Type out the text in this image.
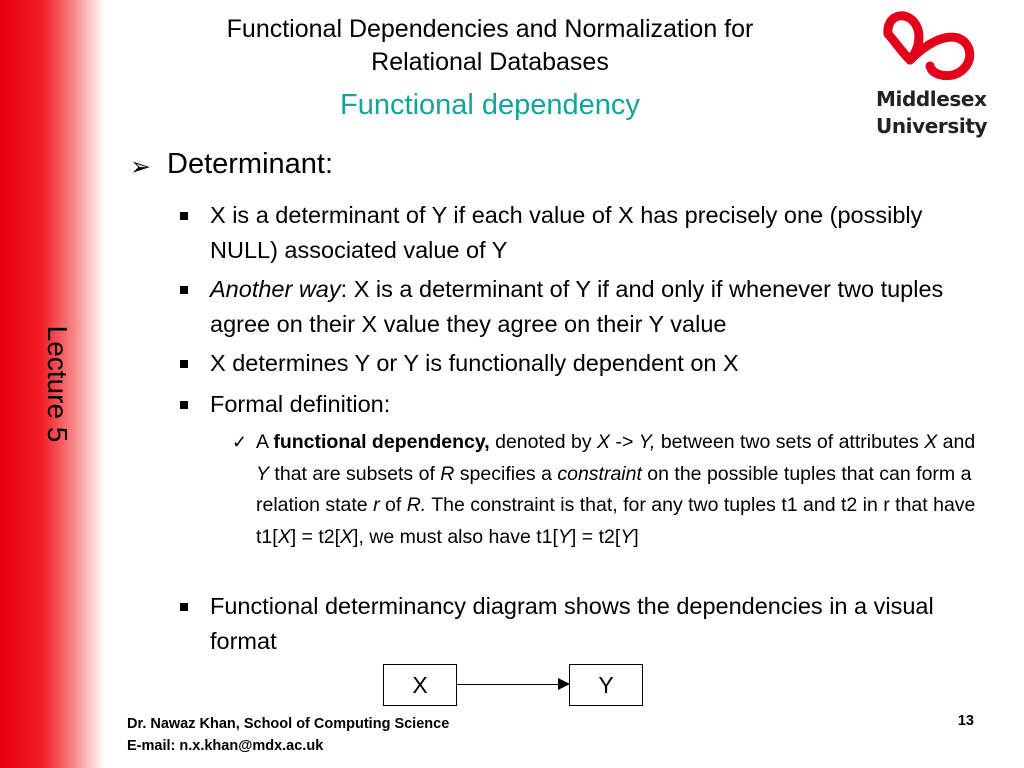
Lecture 5
Functional Dependencies and Normalization for
Relational Databases
Functional dependency	Middlesex
University
➢ Determinant:
X is a determinant of Y if each value of X has precisely one (possibly NULL) associated value of Y
Another way: X is a determinant of Y if and only if whenever two tuples agree on their X value they agree on their Y value
X determines Y or Y is functionally dependent on X
Formal definition:
✓ A functional dependency, denoted by X -> Y, between two sets of attributes X and Y that are subsets of R specifies a constraint on the possible tuples that can form a relation state r of R. The constraint is that, for any two tuples t1 and t2 in r that have t1[X] = t2[X], we must also have t1[Y] = t2[Y]
Functional determinancy diagram shows the dependencies in a visual format
X	Y
Dr. Nawaz Khan, School of Computing Science
E-mail: n.x.khan@mdx.ac.uk
13
